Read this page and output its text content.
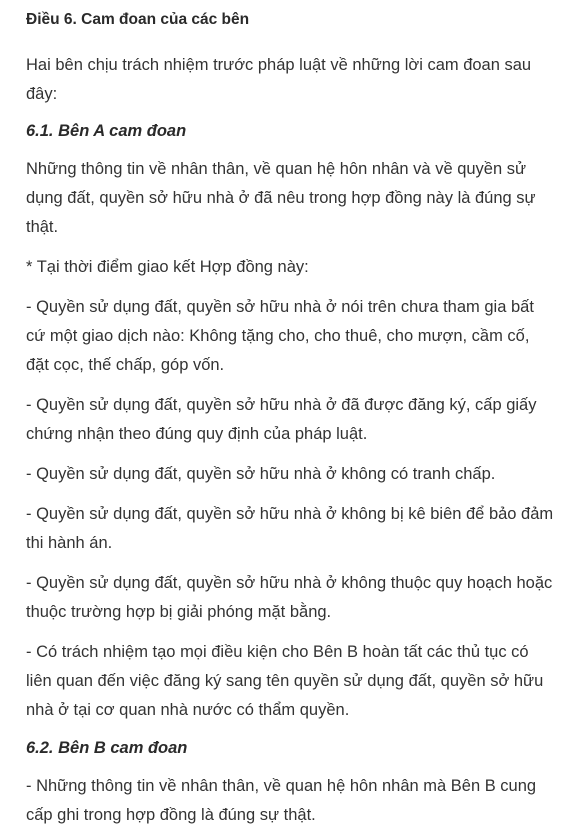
Điều 6. Cam đoan của các bên

Hai bên chịu trách nhiệm trước pháp luật về những lời cam đoan sau đây:

6.1. Bên A cam đoan

Những thông tin về nhân thân, về quan hệ hôn nhân và về quyền sử dụng đất, quyền sở hữu nhà ở đã nêu trong hợp đồng này là đúng sự thật.

* Tại thời điểm giao kết Hợp đồng này:

- Quyền sử dụng đất, quyền sở hữu nhà ở nói trên chưa tham gia bất cứ một giao dịch nào: Không tặng cho, cho thuê, cho mượn, cầm cố, đặt cọc, thế chấp, góp vốn.

- Quyền sử dụng đất, quyền sở hữu nhà ở đã được đăng ký, cấp giấy chứng nhận theo đúng quy định của pháp luật.

- Quyền sử dụng đất, quyền sở hữu nhà ở không có tranh chấp.

- Quyền sử dụng đất, quyền sở hữu nhà ở không bị kê biên để bảo đảm thi hành án.

- Quyền sử dụng đất, quyền sở hữu nhà ở không thuộc quy hoạch hoặc thuộc trường hợp bị giải phóng mặt bằng.

- Có trách nhiệm tạo mọi điều kiện cho Bên B hoàn tất các thủ tục có liên quan đến việc đăng ký sang tên quyền sử dụng đất, quyền sở hữu nhà ở tại cơ quan nhà nước có thẩm quyền.

6.2. Bên B cam đoan

- Những thông tin về nhân thân, về quan hệ hôn nhân mà Bên B cung cấp ghi trong hợp đồng là đúng sự thật.
